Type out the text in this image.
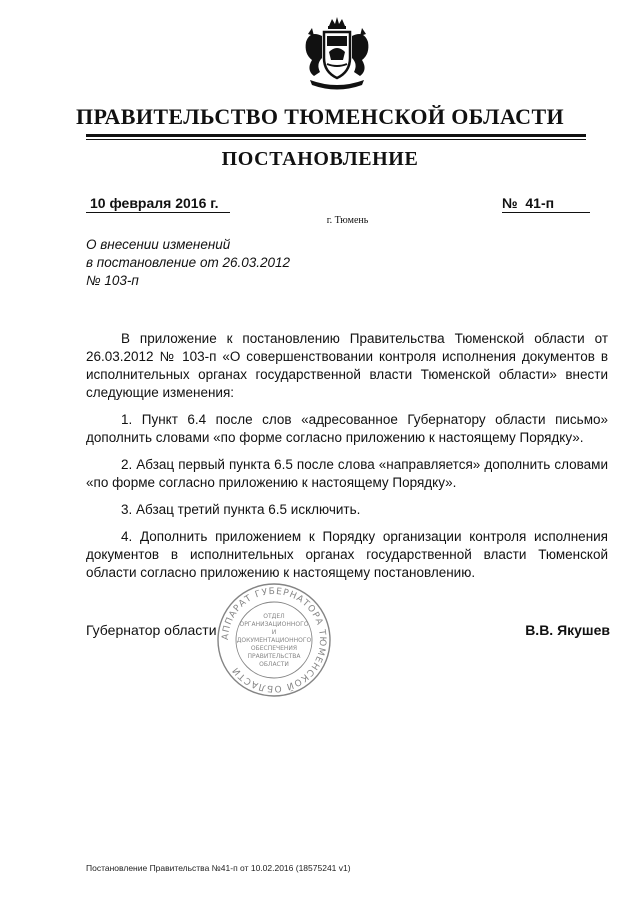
ПРАВИТЕЛЬСТВО ТЮМЕНСКОЙ ОБЛАСТИ
ПОСТАНОВЛЕНИЕ
10 февраля 2016 г.	№  41-п
г. Тюмень
О внесении изменений
в постановление от 26.03.2012
№ 103-п

В приложение к постановлению Правительства Тюменской области от 26.03.2012 № 103-п «О совершенствовании контроля исполнения документов в исполнительных органах государственной власти Тюменской области» внести следующие изменения:

1. Пункт 6.4 после слов «адресованное Губернатору области письмо» дополнить словами «по форме согласно приложению к настоящему Порядку».

2. Абзац первый пункта 6.5 после слова «направляется» дополнить словами «по форме согласно приложению к настоящему Порядку».

3. Абзац третий пункта 6.5 исключить.

4. Дополнить приложением к Порядку организации контроля исполнения документов в исполнительных органах государственной власти Тюменской области согласно приложению к настоящему постановлению.

Губернатор области	В.В. Якушев
АППАРАТ ГУБЕРНАТОРА ТЮМЕНСКОЙ ОБЛАСТИ
ОТДЕЛ
ОРГАНИЗАЦИОННОГО
И
ДОКУМЕНТАЦИОННОГО
ОБЕСПЕЧЕНИЯ
ПРАВИТЕЛЬСТВА
ОБЛАСТИ
Постановление Правительства №41-п от 10.02.2016 (18575241 v1)
